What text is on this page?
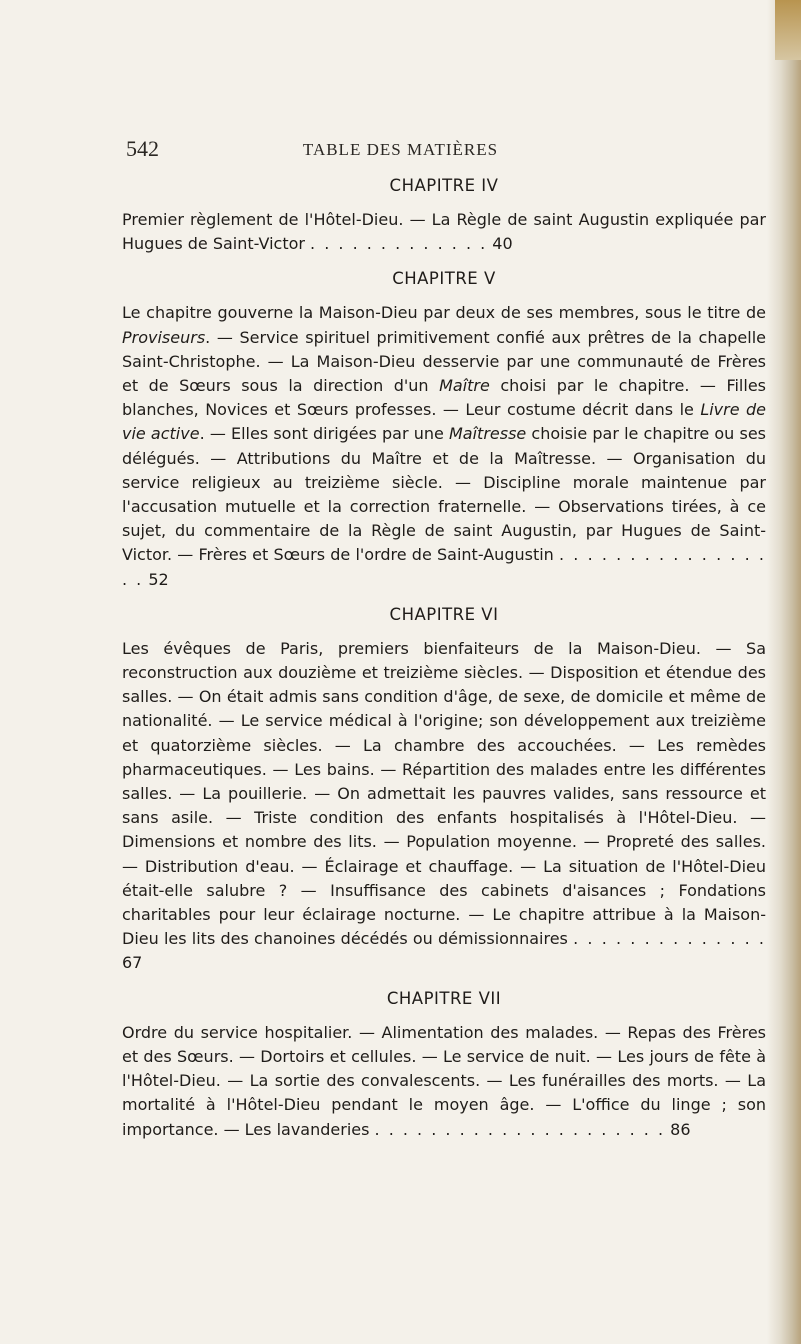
542	TABLE DES MATIÈRES
CHAPITRE IV
Premier règlement de l'Hôtel-Dieu. — La Règle de saint Augustin expliquée par Hugues de Saint-Victor . . . . . . . . . . . . . 40
CHAPITRE V
Le chapitre gouverne la Maison-Dieu par deux de ses membres, sous le titre de Proviseurs. — Service spirituel primitivement confié aux prêtres de la chapelle Saint-Christophe. — La Maison-Dieu desservie par une communauté de Frères et de Sœurs sous la direction d'un Maître choisi par le chapitre. — Filles blanches, Novices et Sœurs professes. — Leur costume décrit dans le Livre de vie active. — Elles sont dirigées par une Maîtresse choisie par le chapitre ou ses délégués. — Attributions du Maître et de la Maîtresse. — Organisation du service religieux au treizième siècle. — Discipline morale maintenue par l'accusation mutuelle et la correction fraternelle. — Observations tirées, à ce sujet, du commentaire de la Règle de saint Augustin, par Hugues de Saint-Victor. — Frères et Sœurs de l'ordre de Saint-Augustin . . . . . . . . . . . . . . . . . 52
CHAPITRE VI
Les évêques de Paris, premiers bienfaiteurs de la Maison-Dieu. — Sa reconstruction aux douzième et treizième siècles. — Disposition et étendue des salles. — On était admis sans condition d'âge, de sexe, de domicile et même de nationalité. — Le service médical à l'origine; son développement aux treizième et quatorzième siècles. — La chambre des accouchées. — Les remèdes pharmaceutiques. — Les bains. — Répartition des malades entre les différentes salles. — La pouillerie. — On admettait les pauvres valides, sans ressource et sans asile. — Triste condition des enfants hospitalisés à l'Hôtel-Dieu. — Dimensions et nombre des lits. — Population moyenne. — Propreté des salles. — Distribution d'eau. — Éclairage et chauffage. — La situation de l'Hôtel-Dieu était-elle salubre ? — Insuffisance des cabinets d'aisances ; Fondations charitables pour leur éclairage nocturne. — Le chapitre attribue à la Maison-Dieu les lits des chanoines décédés ou démissionnaires . . . . . . . . . . . . . . 67
CHAPITRE VII
Ordre du service hospitalier. — Alimentation des malades. — Repas des Frères et des Sœurs. — Dortoirs et cellules. — Le service de nuit. — Les jours de fête à l'Hôtel-Dieu. — La sortie des convalescents. — Les funérailles des morts. — La mortalité à l'Hôtel-Dieu pendant le moyen âge. — L'office du linge ; son importance. — Les lavanderies . . . . . . . . . . . . . . . . . . . . . 86
